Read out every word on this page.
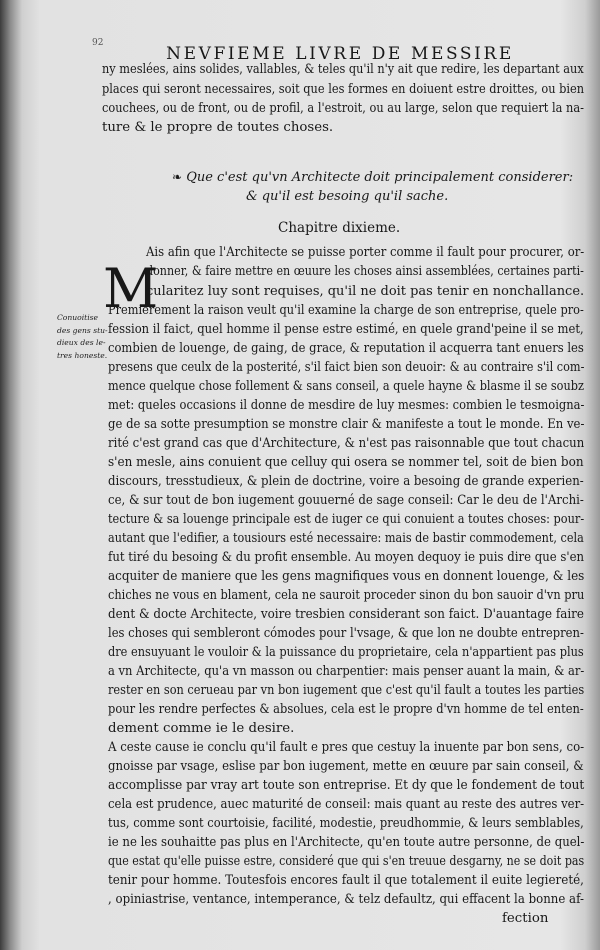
92
NEVFIEME LIVRE DE MESSIRE
ny meslées, ains solides, vallables, & teles qu'il n'y ait que redire, les departant aux
places qui seront necessaires, soit que les formes en doiuent estre droittes, ou bien
couchees, ou de front, ou de profil, a l'estroit, ou au large, selon que requiert la na-
ture & le propre de toutes choses.
❧ Que c'est qu'vn Architecte doit principalement considerer:
& qu'il est besoing qu'il sache.
Chapitre dixieme.
M
Conuoitise
des gens stu-
dieux des le-
tres honeste.
Ais afin que l'Architecte se puisse porter comme il fault pour procurer, or-
donner, & faire mettre en œuure les choses ainsi assemblées, certaines parti-
cularitez luy sont requises, qu'il ne doit pas tenir en nonchallance.
Premierement la raison veult qu'il examine la charge de son entreprise, quele pro-
fession il faict, quel homme il pense estre estimé, en quele grand'peine il se met,
combien de louenge, de gaing, de grace, & reputation il acquerra tant enuers les
presens que ceulx de la posterité, s'il faict bien son deuoir: & au contraire s'il com-
mence quelque chose follement & sans conseil, a quele hayne & blasme il se soubz
met: queles occasions il donne de mesdire de luy mesmes: combien le tesmoigna-
ge de sa sotte presumption se monstre clair & manifeste a tout le monde. En ve-
rité c'est grand cas que d'Architecture, & n'est pas raisonnable que tout chacun
s'en mesle, ains conuient que celluy qui osera se nommer tel, soit de bien bon
discours, tresstudieux, & plein de doctrine, voire a besoing de grande experien-
ce, & sur tout de bon iugement gouuerné de sage conseil: Car le deu de l'Archi-
tecture & sa louenge principale est de iuger ce qui conuient a toutes choses: pour-
autant que l'edifier, a tousiours esté necessaire: mais de bastir commodement, cela
fut tiré du besoing & du profit ensemble. Au moyen dequoy ie puis dire que s'en
acquiter de maniere que les gens magnifiques vous en donnent louenge, & les
chiches ne vous en blament, cela ne sauroit proceder sinon du bon sauoir d'vn pru
dent & docte Architecte, voire tresbien considerant son faict. D'auantage faire
les choses qui sembleront cómodes pour l'vsage, & que lon ne doubte entrepren-
dre ensuyuant le vouloir & la puissance du proprietaire, cela n'appartient pas plus
a vn Architecte, qu'a vn masson ou charpentier: mais penser auant la main, & ar-
rester en son cerueau par vn bon iugement que c'est qu'il fault a toutes les parties
pour les rendre perfectes & absolues, cela est le propre d'vn homme de tel enten-
dement comme ie le desire.
A ceste cause ie conclu qu'il fault e pres que cestuy la inuente par bon sens, co-
gnoisse par vsage, eslise par bon iugement, mette en œuure par sain conseil, &
accomplisse par vray art toute son entreprise. Et dy que le fondement de tout
cela est prudence, auec maturité de conseil: mais quant au reste des autres ver-
tus, comme sont courtoisie, facilité, modestie, preudhommie, & leurs semblables,
ie ne les souhaitte pas plus en l'Architecte, qu'en toute autre personne, de quel-
que estat qu'elle puisse estre, consideré que qui s'en treuue desgarny, ne se doit pas
tenir pour homme. Toutesfois encores fault il que totalement il euite legiereté,
, opiniastrise, ventance, intemperance, & telz defaultz, qui effacent la bonne af-
fection
